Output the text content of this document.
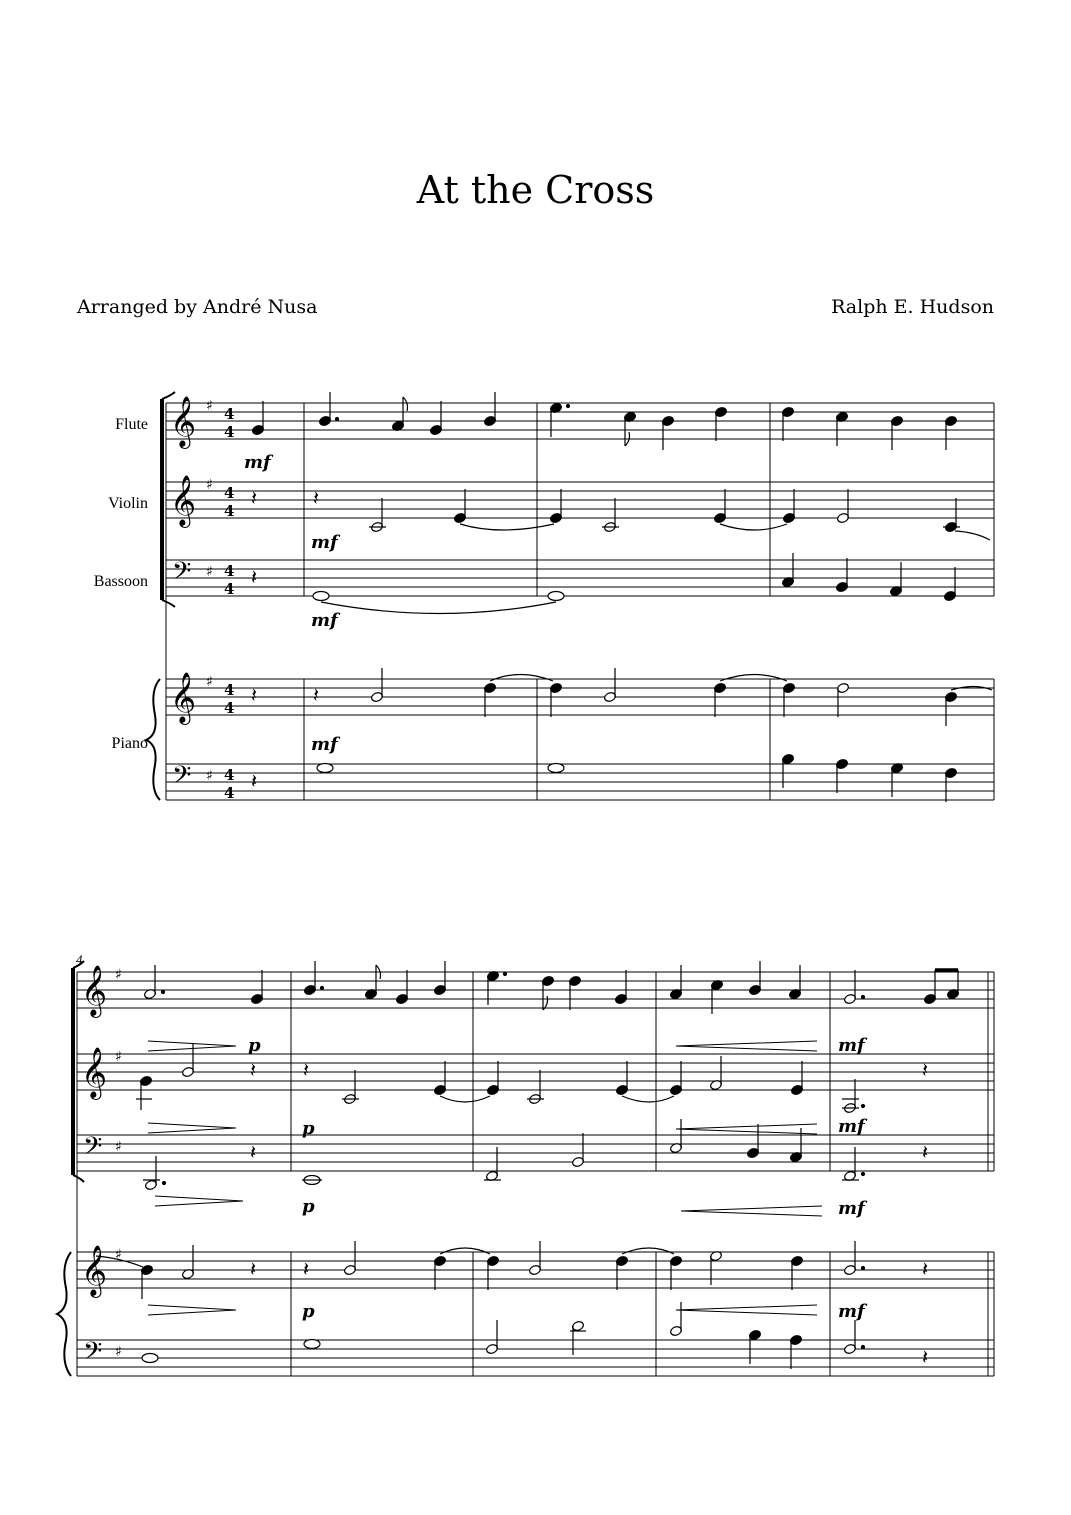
At the Cross
Arranged by André Nusa	Ralph E. Hudson
𝄞
𝄞
𝄢
𝄞
𝄢
𝄞
𝄞
𝄢
𝄞
𝄢
♯
♯
♯
♯
♯
♯
♯
♯
♯
♯
4
4
4
4
4
4
4
4
4
4
Flute
Violin
Bassoon
Piano
4
𝄽	𝄽
𝄽
𝄽	𝄽
𝄽
𝄽 𝄽	𝄽
𝄽	𝄽
𝄽 𝄽	𝄽
𝄽
mf
mf
mf
mf
p	mf
p	mf
p	mf
p	mf
